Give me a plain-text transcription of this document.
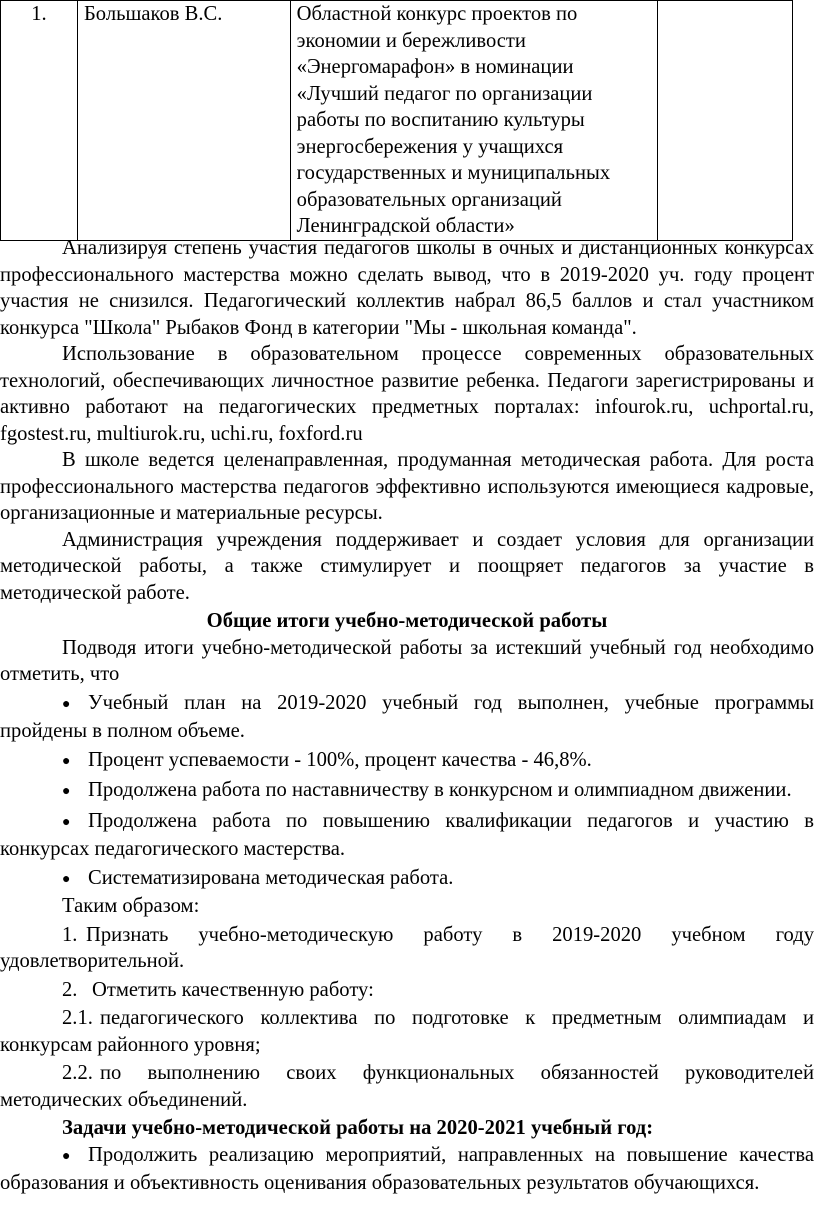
1.	Большаков В.С.	Областной конкурс проектов по экономии и бережливости «Энергомарафон» в номинации «Лучший педагог по организации работы по воспитанию культуры энергосбережения у учащихся государственных и муниципальных образовательных организаций Ленинградской области»	

Анализируя степень участия педагогов школы в очных и дистанционных конкурсах профессионального мастерства можно сделать вывод, что в 2019-2020 уч. году процент участия не снизился. Педагогический коллектив набрал 86,5 баллов и стал участником конкурса "Школа" Рыбаков Фонд в категории "Мы - школьная команда".

Использование в образовательном процессе современных образовательных технологий, обеспечивающих личностное развитие ребенка. Педагоги зарегистрированы и активно работают на педагогических предметных порталах: infourok.ru, uchportal.ru, fgostest.ru, multiurok.ru, uchi.ru, foxford.ru

В школе ведется целенаправленная, продуманная методическая работа. Для роста профессионального мастерства педагогов эффективно используются имеющиеся кадровые, организационные и материальные ресурсы.

Администрация учреждения поддерживает и создает условия для организации методической работы, а также стимулирует и поощряет педагогов за участие в методической работе.

Общие итоги учебно-методической работы

Подводя итоги учебно-методической работы за истекший учебный год необходимо отметить, что

● Учебный план на 2019-2020 учебный год выполнен, учебные программы пройдены в полном объеме.

● Процент успеваемости - 100%, процент качества - 46,8%.

● Продолжена работа по наставничеству в конкурсном и олимпиадном движении.

● Продолжена работа по повышению квалификации педагогов и участию в конкурсах педагогического мастерства.

● Систематизирована методическая работа.

Таким образом:

1. Признать учебно-методическую работу в 2019-2020 учебном году удовлетворительной.

2. Отметить качественную работу:

2.1. педагогического коллектива по подготовке к предметным олимпиадам и конкурсам районного уровня;

2.2. по выполнению своих функциональных обязанностей руководителей методических объединений.

Задачи учебно-методической работы на 2020-2021 учебный год:

● Продолжить реализацию мероприятий, направленных на повышение качества образования и объективность оценивания образовательных результатов обучающихся.
